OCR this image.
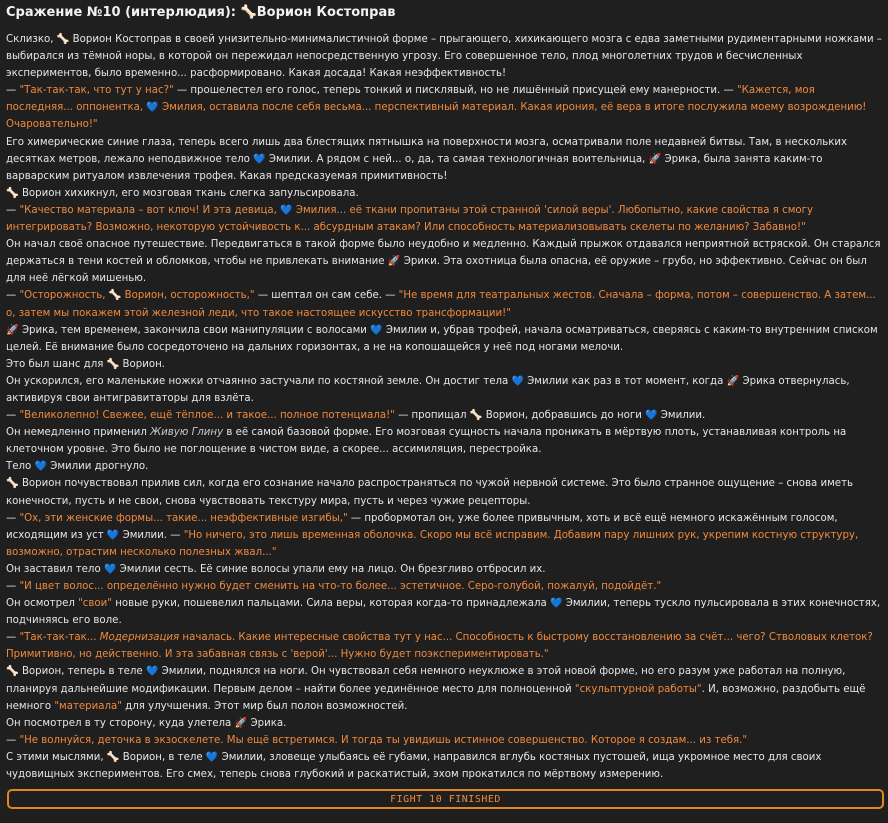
Сражение №10 (интерлюдия): 🦴Ворион Костоправ

Склизко, 🦴 Ворион Костоправ в своей унизительно-минималистичной форме – прыгающего, хихикающего мозга с едва заметными рудиментарными ножками – выбирался из тёмной норы, в которой он пережидал непосредственную угрозу. Его совершенное тело, плод многолетних трудов и бесчисленных экспериментов, было временно... расформировано. Какая досада! Какая неэффективность!

— "Так-так-так, что тут у нас?" — прошелестел его голос, теперь тонкий и писклявый, но не лишённый присущей ему манерности. — "Кажется, моя последняя... оппонентка, 💙 Эмилия, оставила после себя весьма... перспективный материал. Какая ирония, её вера в итоге послужила моему возрождению! Очаровательно!"

Его химерические синие глаза, теперь всего лишь два блестящих пятнышка на поверхности мозга, осматривали поле недавней битвы. Там, в нескольких десятках метров, лежало неподвижное тело 💙 Эмилии. А рядом с ней... о, да, та самая технологичная воительница, 🚀 Эрика, была занята каким-то варварским ритуалом извлечения трофея. Какая предсказуемая примитивность!

🦴 Ворион хихикнул, его мозговая ткань слегка запульсировала.

— "Качество материала – вот ключ! И эта девица, 💙 Эмилия... её ткани пропитаны этой странной 'силой веры'. Любопытно, какие свойства я смогу интегрировать? Возможно, некоторую устойчивость к... абсурдным атакам? Или способность материализовывать скелеты по желанию? Забавно!"

Он начал своё опасное путешествие. Передвигаться в такой форме было неудобно и медленно. Каждый прыжок отдавался неприятной встряской. Он старался держаться в тени костей и обломков, чтобы не привлекать внимание 🚀 Эрики. Эта охотница была опасна, её оружие – грубо, но эффективно. Сейчас он был для неё лёгкой мишенью.

— "Осторожность, 🦴 Ворион, осторожность," — шептал он сам себе. — "Не время для театральных жестов. Сначала – форма, потом – совершенство. А затем... о, затем мы покажем этой железной леди, что такое настоящее искусство трансформации!"

🚀 Эрика, тем временем, закончила свои манипуляции с волосами 💙 Эмилии и, убрав трофей, начала осматриваться, сверяясь с каким-то внутренним списком целей. Её внимание было сосредоточено на дальних горизонтах, а не на копошащейся у неё под ногами мелочи.

Это был шанс для 🦴 Ворион.

Он ускорился, его маленькие ножки отчаянно застучали по костяной земле. Он достиг тела 💙 Эмилии как раз в тот момент, когда 🚀 Эрика отвернулась, активируя свои антигравитаторы для взлёта.

— "Великолепно! Свежее, ещё тёплое... и такое... полное потенциала!" — пропищал 🦴 Ворион, добравшись до ноги 💙 Эмилии.

Он немедленно применил Живую Глину в её самой базовой форме. Его мозговая сущность начала проникать в мёртвую плоть, устанавливая контроль на клеточном уровне. Это было не поглощение в чистом виде, а скорее... ассимиляция, перестройка.

Тело 💙 Эмилии дрогнуло.

🦴 Ворион почувствовал прилив сил, когда его сознание начало распространяться по чужой нервной системе. Это было странное ощущение – снова иметь конечности, пусть и не свои, снова чувствовать текстуру мира, пусть и через чужие рецепторы.

— "Ох, эти женские формы... такие... неэффективные изгибы," — пробормотал он, уже более привычным, хоть и всё ещё немного искажённым голосом, исходящим из уст 💙 Эмилии. — "Но ничего, это лишь временная оболочка. Скоро мы всё исправим. Добавим пару лишних рук, укрепим костную структуру, возможно, отрастим несколько полезных жвал..."

Он заставил тело 💙 Эмилии сесть. Её синие волосы упали ему на лицо. Он брезгливо отбросил их.

— "И цвет волос... определённо нужно будет сменить на что-то более... эстетичное. Серо-голубой, пожалуй, подойдёт."

Он осмотрел "свои" новые руки, пошевелил пальцами. Сила веры, которая когда-то принадлежала 💙 Эмилии, теперь тускло пульсировала в этих конечностях, подчиняясь его воле.

— "Так-так-так... Модернизация началась. Какие интересные свойства тут у нас... Способность к быстрому восстановлению за счёт... чего? Стволовых клеток? Примитивно, но действенно. И эта забавная связь с 'верой'... Нужно будет поэкспериментировать."

🦴 Ворион, теперь в теле 💙 Эмилии, поднялся на ноги. Он чувствовал себя немного неуклюже в этой новой форме, но его разум уже работал на полную, планируя дальнейшие модификации. Первым делом – найти более уединённое место для полноценной "скульптурной работы". И, возможно, раздобыть ещё немного "материала" для улучшения. Этот мир был полон возможностей.

Он посмотрел в ту сторону, куда улетела 🚀 Эрика.

— "Не волнуйся, деточка в экзоскелете. Мы ещё встретимся. И тогда ты увидишь истинное совершенство. Которое я создам... из тебя."

С этими мыслями, 🦴 Ворион, в теле 💙 Эмилии, зловеще улыбаясь её губами, направился вглубь костяных пустошей, ища укромное место для своих чудовищных экспериментов. Его смех, теперь снова глубокий и раскатистый, эхом прокатился по мёртвому измерению.

FIGHT 10 FINISHED
